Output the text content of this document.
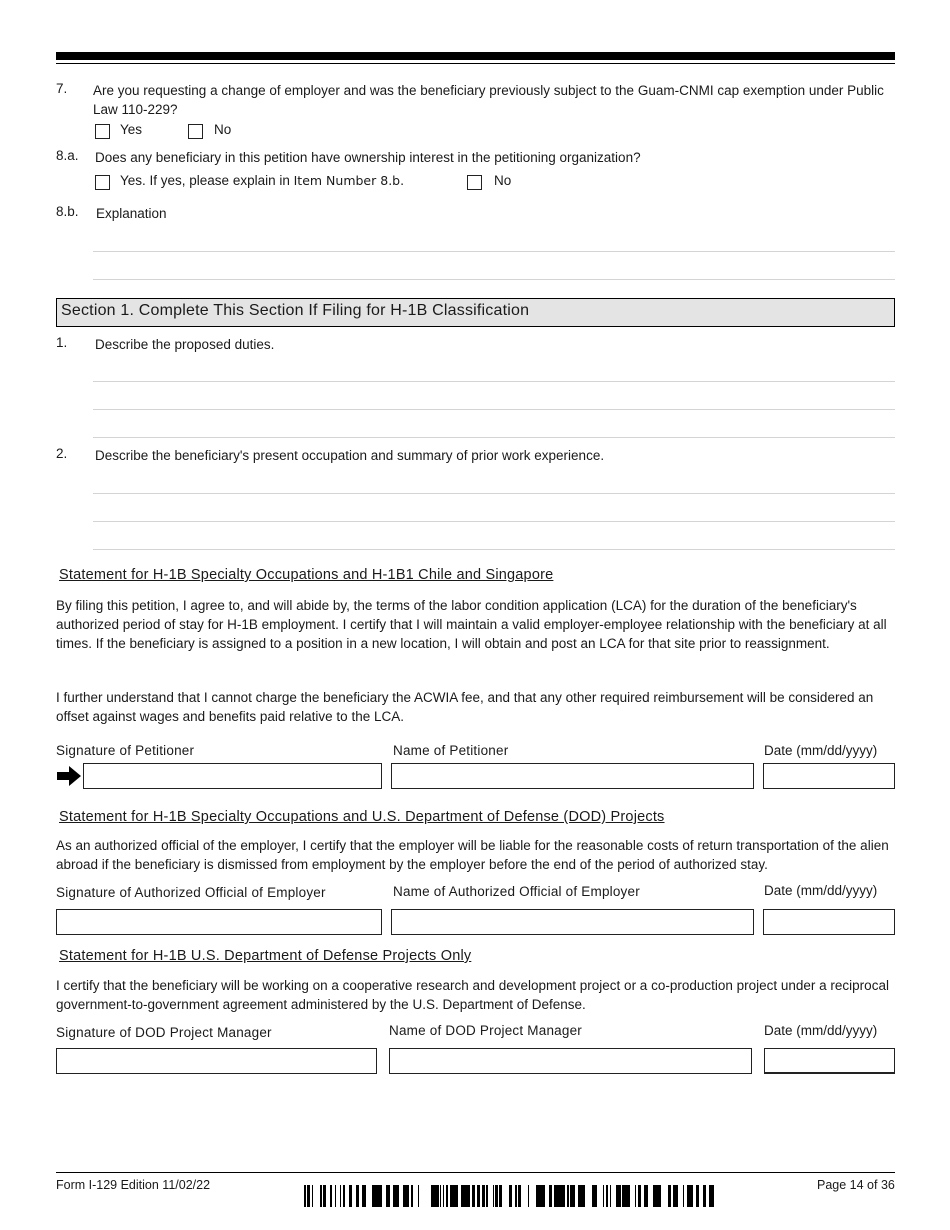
7. Are you requesting a change of employer and was the beneficiary previously subject to the Guam-CNMI cap exemption under Public Law 110-229?
Yes	No
8.a. Does any beneficiary in this petition have ownership interest in the petitioning organization?
Yes. If yes, please explain in Item Number 8.b.	No
8.b. Explanation
Section 1. Complete This Section If Filing for H-1B Classification
1. Describe the proposed duties.
2. Describe the beneficiary's present occupation and summary of prior work experience.
Statement for H-1B Specialty Occupations and H-1B1 Chile and Singapore
By filing this petition, I agree to, and will abide by, the terms of the labor condition application (LCA) for the duration of the beneficiary's authorized period of stay for H-1B employment. I certify that I will maintain a valid employer-employee relationship with the beneficiary at all times. If the beneficiary is assigned to a position in a new location, I will obtain and post an LCA for that site prior to reassignment.
I further understand that I cannot charge the beneficiary the ACWIA fee, and that any other required reimbursement will be considered an offset against wages and benefits paid relative to the LCA.
Signature of Petitioner	Name of Petitioner	Date (mm/dd/yyyy)
Statement for H-1B Specialty Occupations and U.S. Department of Defense (DOD) Projects
As an authorized official of the employer, I certify that the employer will be liable for the reasonable costs of return transportation of the alien abroad if the beneficiary is dismissed from employment by the employer before the end of the period of authorized stay.
Signature of Authorized Official of Employer	Name of Authorized Official of Employer	Date (mm/dd/yyyy)
Statement for H-1B U.S. Department of Defense Projects Only
I certify that the beneficiary will be working on a cooperative research and development project or a co-production project under a reciprocal government-to-government agreement administered by the U.S. Department of Defense.
Signature of DOD Project Manager	Name of DOD Project Manager	Date (mm/dd/yyyy)
Form I-129 Edition 11/02/22	Page 14 of 36
